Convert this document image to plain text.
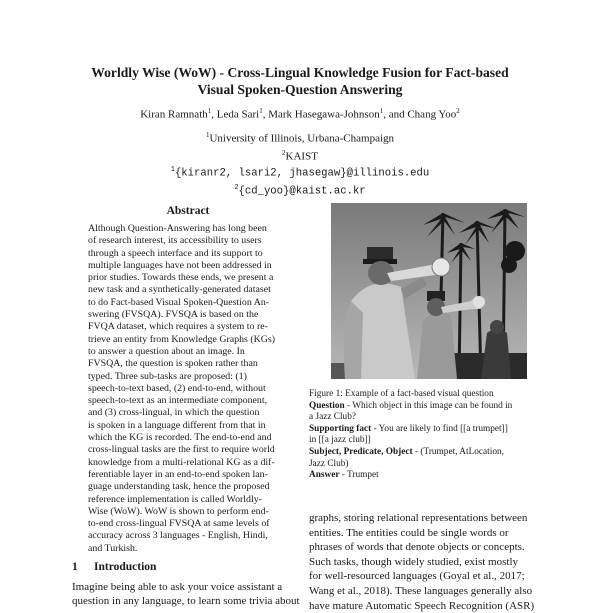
Worldly Wise (WoW) - Cross-Lingual Knowledge Fusion for Fact-based
Visual Spoken-Question Answering
Kiran Ramnath$^1$, Leda Sari$^1$, Mark Hasegawa-Johnson$^1$, and Chang Yoo$^2$
$^1$University of Illinois, Urbana-Champaign
$^2$KAIST
$^1${kiranr2, lsari2, jhasegaw}@illinois.edu
$^2${cd_yoo}@kaist.ac.kr
Abstract
Although Question-Answering has long been
of research interest, its accessibility to users
through a speech interface and its support to
multiple languages have not been addressed in
prior studies. Towards these ends, we present a
new task and a synthetically-generated dataset
to do Fact-based Visual Spoken-Question An-
swering (FVSQA). FVSQA is based on the
FVQA dataset, which requires a system to re-
trieve an entity from Knowledge Graphs (KGs)
to answer a question about an image. In
FVSQA, the question is spoken rather than
typed. Three sub-tasks are proposed: (1)
speech-to-text based, (2) end-to-end, without
speech-to-text as an intermediate component,
and (3) cross-lingual, in which the question
is spoken in a language different from that in
which the KG is recorded. The end-to-end and
cross-lingual tasks are the first to require world
knowledge from a multi-relational KG as a dif-
ferentiable layer in an end-to-end spoken lan-
guage understanding task, hence the proposed
reference implementation is called Worldly-
Wise (WoW). WoW is shown to perform end-
to-end cross-lingual FVSQA at same levels of
accuracy across 3 languages - English, Hindi,
and Turkish.
1 Introduction
Imagine being able to ask your voice assistant a
question in any language, to learn some trivia about
Figure 1: Example of a fact-based visual question
Question - Which object in this image can be found in
a Jazz Club?
Supporting fact - You are likely to find [[a trumpet]]
in [[a jazz club]]
Subject, Predicate, Object - (Trumpet, AtLocation,
Jazz Club)
Answer - Trumpet
graphs, storing relational representations between
entities. The entities could be single words or
phrases of words that denote objects or concepts.
Such tasks, though widely studied, exist mostly
for well-resourced languages (Goyal et al., 2017;
Wang et al., 2018). These languages generally also
have mature Automatic Speech Recognition (ASR)
